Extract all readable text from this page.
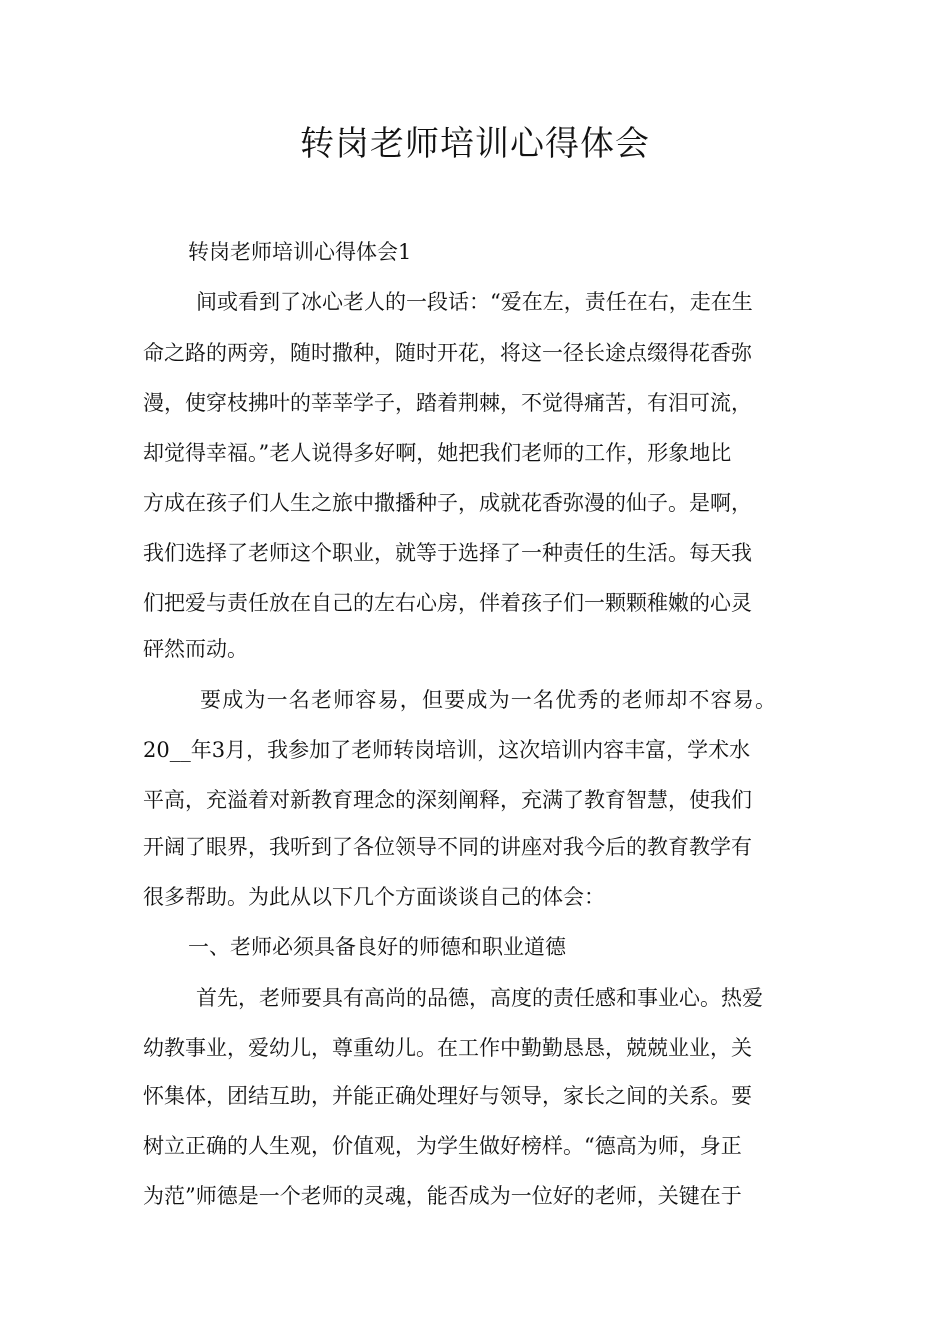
转岗老师培训心得体会

转岗老师培训心得体会1

间或看到了冰心老人的一段话：“爱在左，责任在右，走在生

命之路的两旁，随时撒种，随时开花，将这一径长途点缀得花香弥

漫，使穿枝拂叶的莘莘学子，踏着荆棘，不觉得痛苦，有泪可流，

却觉得幸福。”老人说得多好啊，她把我们老师的工作，形象地比

方成在孩子们人生之旅中撒播种子，成就花香弥漫的仙子。是啊，

我们选择了老师这个职业，就等于选择了一种责任的生活。每天我

们把爱与责任放在自己的左右心房，伴着孩子们一颗颗稚嫩的心灵

砰然而动。

要成为一名老师容易，但要成为一名优秀的老师却不容易。

20__年3月，我参加了老师转岗培训，这次培训内容丰富，学术水

平高，充溢着对新教育理念的深刻阐释，充满了教育智慧，使我们

开阔了眼界，我听到了各位领导不同的讲座对我今后的教育教学有

很多帮助。为此从以下几个方面谈谈自己的体会：

一、老师必须具备良好的师德和职业道德

首先，老师要具有高尚的品德，高度的责任感和事业心。热爱

幼教事业，爱幼儿，尊重幼儿。在工作中勤勤恳恳，兢兢业业，关

怀集体，团结互助，并能正确处理好与领导，家长之间的关系。要

树立正确的人生观，价值观，为学生做好榜样。“德高为师，身正

为范”师德是一个老师的灵魂，能否成为一位好的老师，关键在于
